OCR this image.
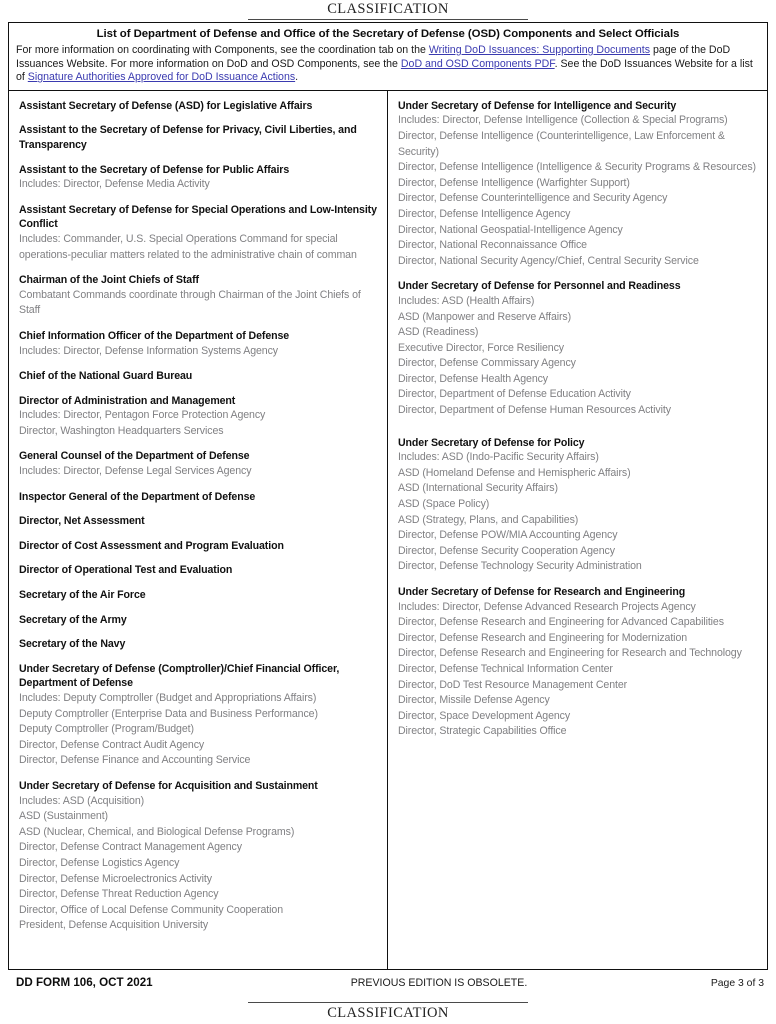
CLASSIFICATION
List of Department of Defense and Office of the Secretary of Defense (OSD) Components and Select Officials
For more information on coordinating with Components, see the coordination tab on the Writing DoD Issuances: Supporting Documents page of the DoD Issuances Website. For more information on DoD and OSD Components, see the DoD and OSD Components PDF. See the DoD Issuances Website for a list of Signature Authorities Approved for DoD Issuance Actions.
Assistant Secretary of Defense (ASD) for Legislative Affairs
Assistant to the Secretary of Defense for Privacy, Civil Liberties, and Transparency
Assistant to the Secretary of Defense for Public Affairs
Includes: Director, Defense Media Activity
Assistant Secretary of Defense for Special Operations and Low-Intensity Conflict
Includes: Commander, U.S. Special Operations Command for special operations-peculiar matters related to the administrative chain of comman
Chairman of the Joint Chiefs of Staff
Combatant Commands coordinate through Chairman of the Joint Chiefs of Staff
Chief Information Officer of the Department of Defense
Includes: Director, Defense Information Systems Agency
Chief of the National Guard Bureau
Director of Administration and Management
Includes: Director, Pentagon Force Protection Agency
Director, Washington Headquarters Services
General Counsel of the Department of Defense
Includes: Director, Defense Legal Services Agency
Inspector General of the Department of Defense
Director, Net Assessment
Director of Cost Assessment and Program Evaluation
Director of Operational Test and Evaluation
Secretary of the Air Force
Secretary of the Army
Secretary of the Navy
Under Secretary of Defense (Comptroller)/Chief Financial Officer, Department of Defense
Includes: Deputy Comptroller (Budget and Appropriations Affairs)
Deputy Comptroller (Enterprise Data and Business Performance)
Deputy Comptroller (Program/Budget)
Director, Defense Contract Audit Agency
Director, Defense Finance and Accounting Service
Under Secretary of Defense for Acquisition and Sustainment
Includes: ASD (Acquisition)
ASD (Sustainment)
ASD (Nuclear, Chemical, and Biological Defense Programs)
Director, Defense Contract Management Agency
Director, Defense Logistics Agency
Director, Defense Microelectronics Activity
Director, Defense Threat Reduction Agency
Director, Office of Local Defense Community Cooperation
President, Defense Acquisition University
Under Secretary of Defense for Intelligence and Security
Includes: Director, Defense Intelligence (Collection & Special Programs)
Director, Defense Intelligence (Counterintelligence, Law Enforcement & Security)
Director, Defense Intelligence (Intelligence & Security Programs & Resources)
Director, Defense Intelligence (Warfighter Support)
Director, Defense Counterintelligence and Security Agency
Director, Defense Intelligence Agency
Director, National Geospatial-Intelligence Agency
Director, National Reconnaissance Office
Director, National Security Agency/Chief, Central Security Service
Under Secretary of Defense for Personnel and Readiness
Includes: ASD (Health Affairs)
ASD (Manpower and Reserve Affairs)
ASD (Readiness)
Executive Director, Force Resiliency
Director, Defense Commissary Agency
Director, Defense Health Agency
Director, Department of Defense Education Activity
Director, Department of Defense Human Resources Activity
Under Secretary of Defense for Policy
Includes: ASD (Indo-Pacific Security Affairs)
ASD (Homeland Defense and Hemispheric Affairs)
ASD (International Security Affairs)
ASD (Space Policy)
ASD (Strategy, Plans, and Capabilities)
Director, Defense POW/MIA Accounting Agency
Director, Defense Security Cooperation Agency
Director, Defense Technology Security Administration
Under Secretary of Defense for Research and Engineering
Includes: Director, Defense Advanced Research Projects Agency
Director, Defense Research and Engineering for Advanced Capabilities
Director, Defense Research and Engineering for Modernization
Director, Defense Research and Engineering for Research and Technology
Director, Defense Technical Information Center
Director, DoD Test Resource Management Center
Director, Missile Defense Agency
Director, Space Development Agency
Director, Strategic Capabilities Office
DD FORM 106, OCT 2021	PREVIOUS EDITION IS OBSOLETE.	Page 3 of 3
CLASSIFICATION
